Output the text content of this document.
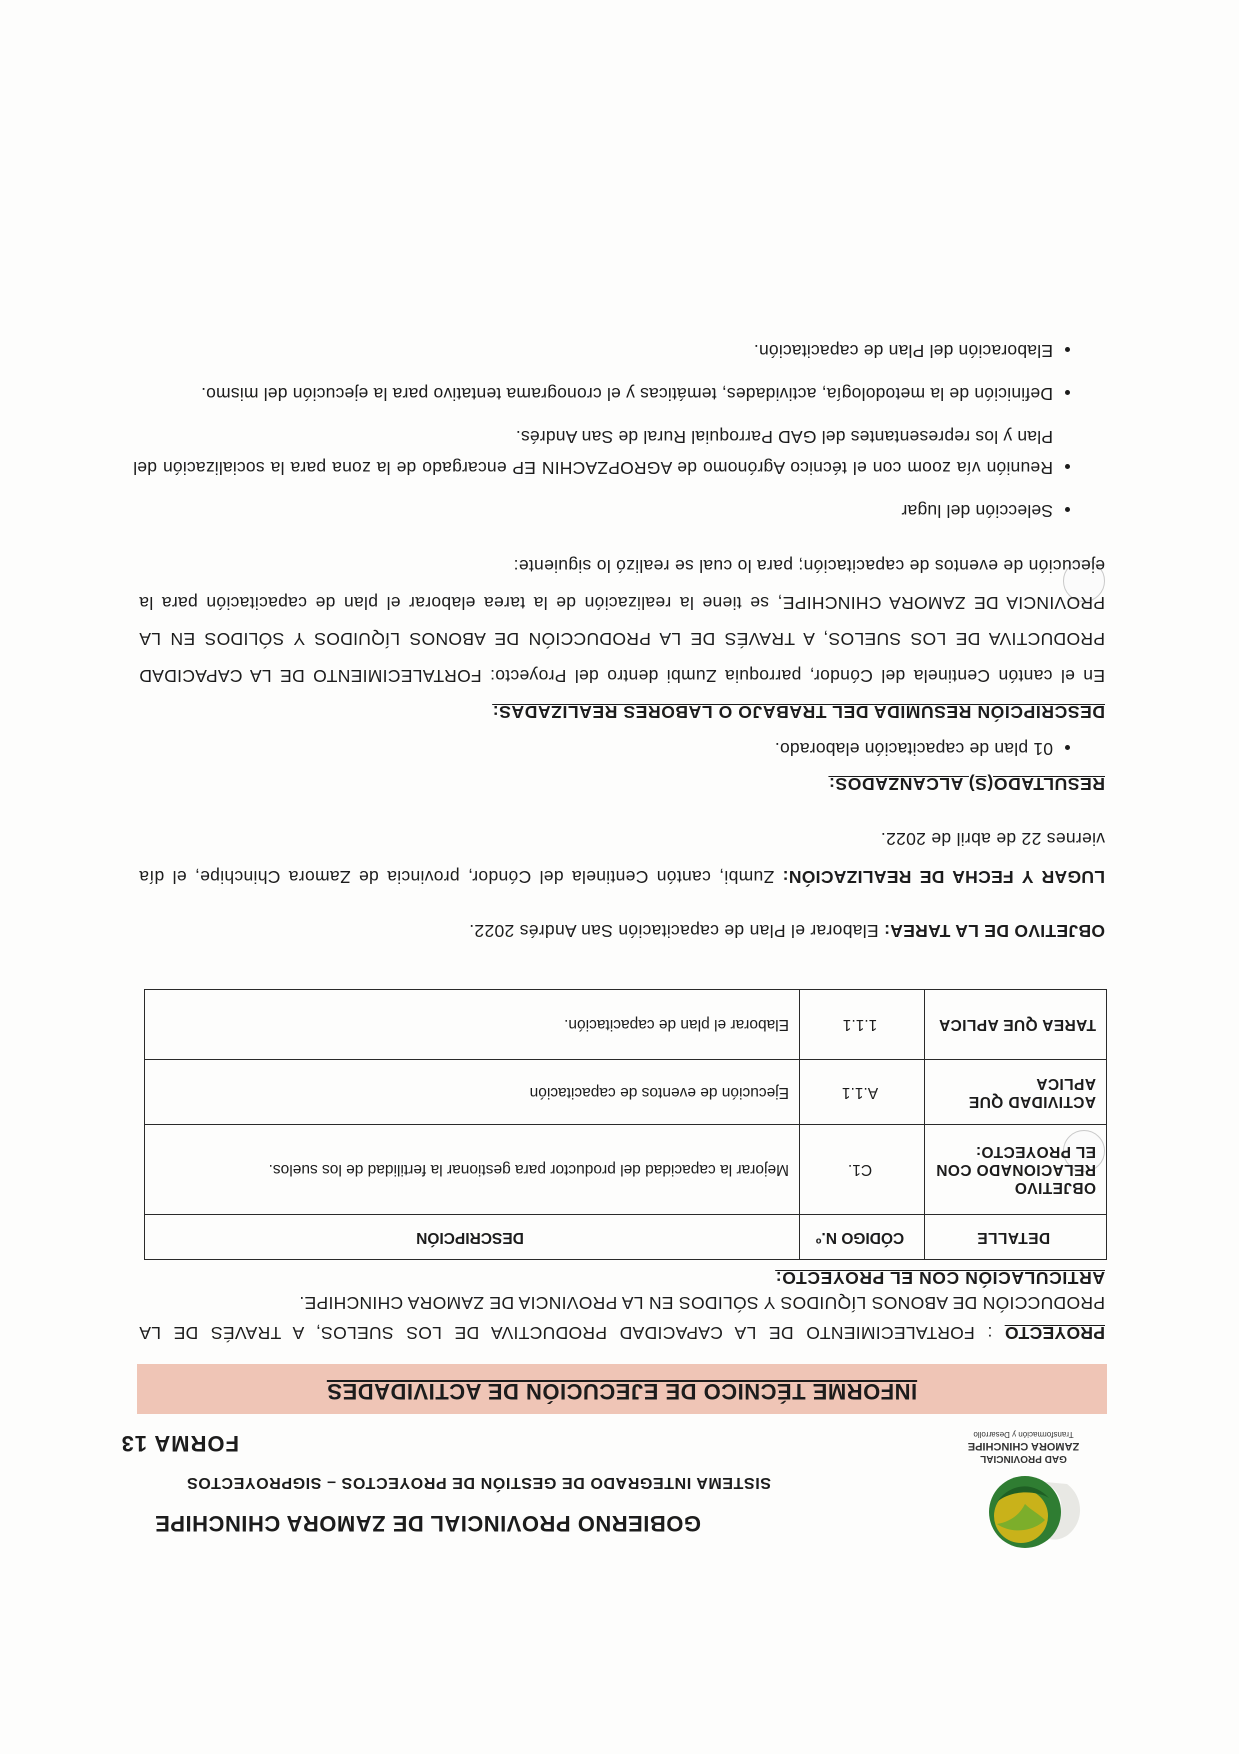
GAD PROVINCIAL
ZAMORA CHINCHIPE
Transformación y Desarrollo
GOBIERNO PROVINCIAL DE ZAMORA CHINCHIPE
SISTEMA INTEGRADO DE GESTIÓN DE PROYECTOS – SIGPROYECTOS
FORMA 13
INFORME TÉCNICO DE EJECUCIÓN DE ACTIVIDADES
PROYECTO : FORTALECIMIENTO DE LA CAPACIDAD PRODUCTIVA DE LOS SUELOS, A TRAVÉS DE LA PRODUCCIÓN DE ABONOS LÍQUIDOS Y SÓLIDOS EN LA PROVINCIA DE ZAMORA CHINCHIPE.
ARTICULACIÓN CON EL PROYECTO:
DETALLE	CÓDIGO N.º	DESCRIPCIÓN
OBJETIVO RELACIONADO CON EL PROYECTO:	C1.	Mejorar la capacidad del productor para gestionar la fertilidad de los suelos.
ACTIVIDAD QUE APLICA	A.1.1	Ejecución de eventos de capacitación
TAREA QUE APLICA	1.1.1	Elaborar el plan de capacitación.
OBJETIVO DE LA TAREA: Elaborar el Plan de capacitación San Andrés 2022.
LUGAR Y FECHA DE REALIZACIÓN: Zumbi, cantón Centinela del Cóndor, provincia de Zamora Chinchipe, el día viernes 22 de abril de 2022.
RESULTADO(S) ALCANZADOS:
• 01 plan de capacitación elaborado.
DESCRIPCIÓN RESUMIDA DEL TRABAJO O LABORES REALIZADAS:
En el cantón Centinela del Cóndor, parroquia Zumbi dentro del Proyecto: FORTALECIMIENTO DE LA CAPACIDAD PRODUCTIVA DE LOS SUELOS, A TRAVÉS DE LA PRODUCCIÓN DE ABONOS LÍQUIDOS Y SÓLIDOS EN LA PROVINCIA DE ZAMORA CHINCHIPE, se tiene la realización de la tarea elaborar el plan de capacitación para la ejecución de eventos de capacitación; para lo cual se realizó lo siguiente:
• Selección del lugar
• Reunión vía zoom con el técnico Agrónomo de AGROPZACHIN EP encargado de la zona para la socialización del Plan y los representantes del GAD Parroquial Rural de San Andrés.
• Definición de la metodología, actividades, temáticas y el cronograma tentativo para la ejecución del mismo.
• Elaboración del Plan de capacitación.
